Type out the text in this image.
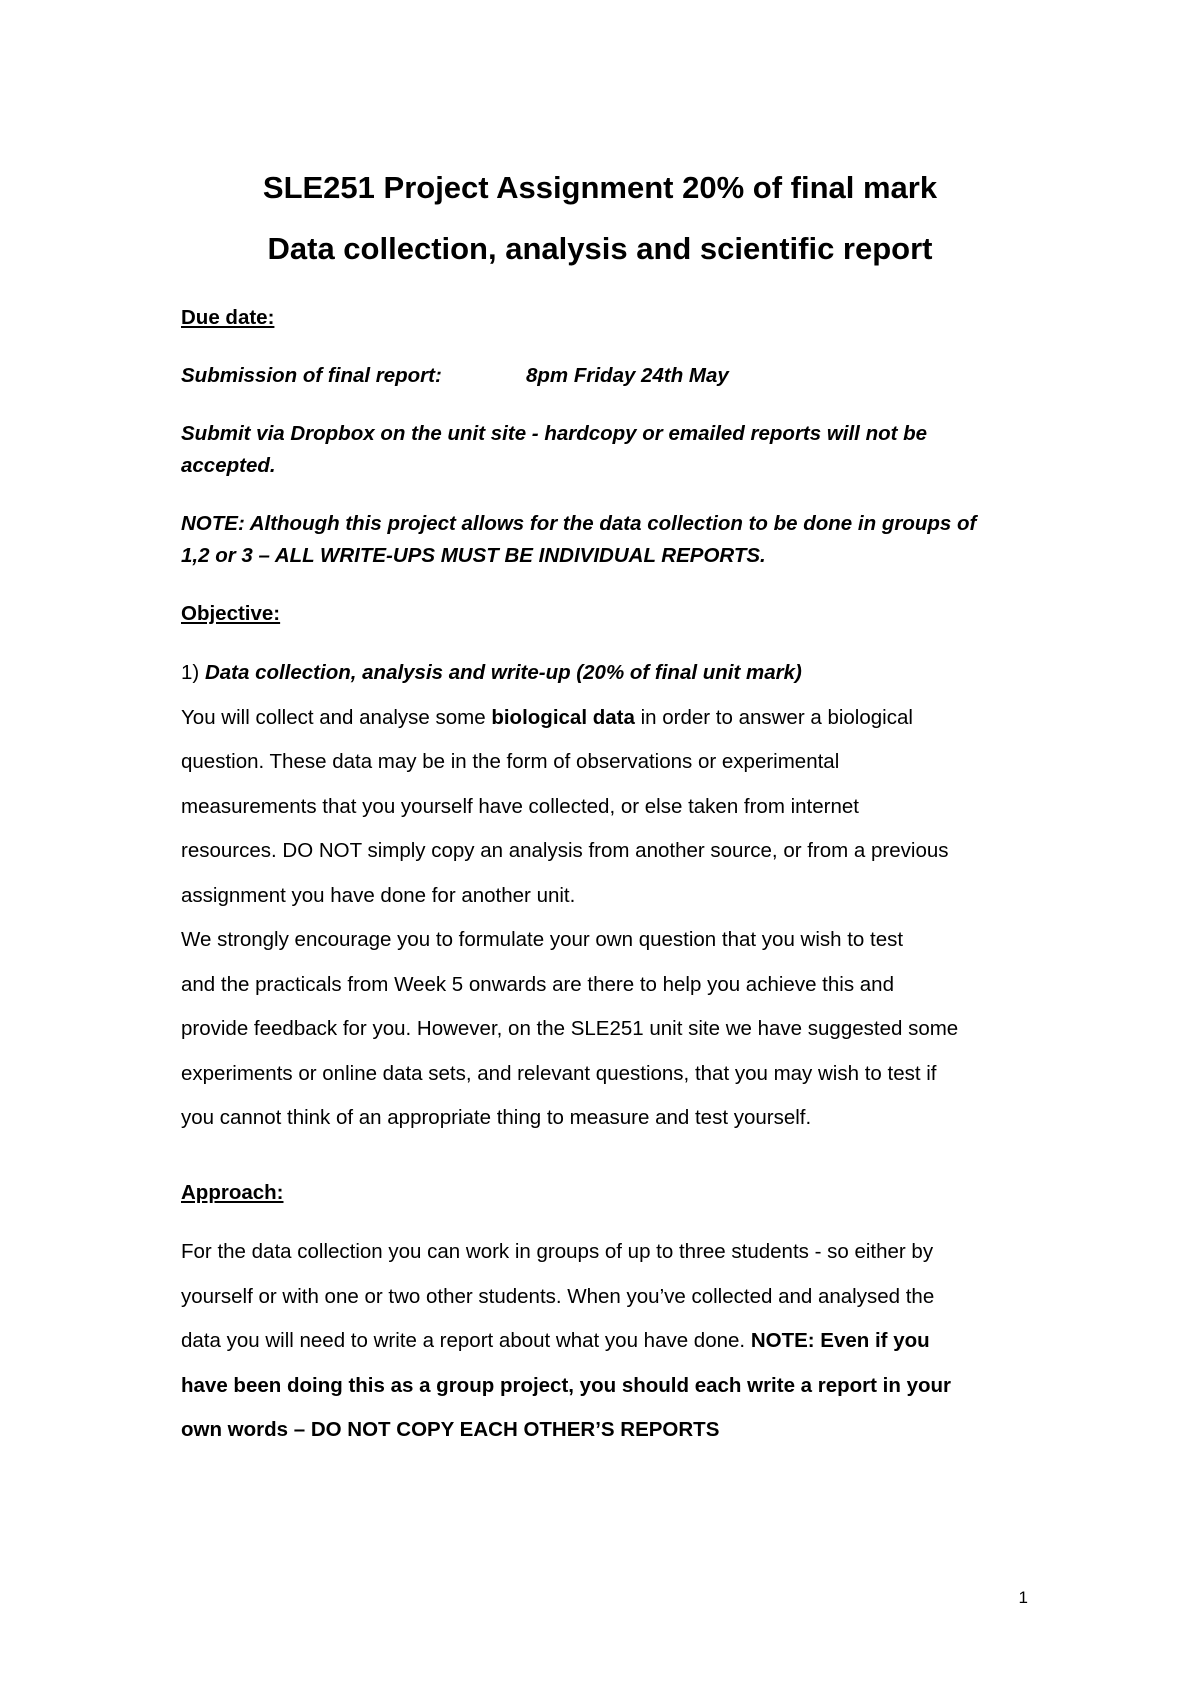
SLE251 Project Assignment 20% of final mark
Data collection, analysis and scientific report
Due date:
Submission of final report:	8pm Friday 24th May
Submit via Dropbox on the unit site - hardcopy or emailed reports will not be
accepted.
NOTE: Although this project allows for the data collection to be done in groups of
1,2 or 3 – ALL WRITE-UPS MUST BE INDIVIDUAL REPORTS.
Objective:
1) Data collection, analysis and write-up (20% of final unit mark)
You will collect and analyse some biological data in order to answer a biological
question. These data may be in the form of observations or experimental
measurements that you yourself have collected, or else taken from internet
resources. DO NOT simply copy an analysis from another source, or from a previous
assignment you have done for another unit.
We strongly encourage you to formulate your own question that you wish to test
and the practicals from Week 5 onwards are there to help you achieve this and
provide feedback for you. However, on the SLE251 unit site we have suggested some
experiments or online data sets, and relevant questions, that you may wish to test if
you cannot think of an appropriate thing to measure and test yourself.
Approach:
For the data collection you can work in groups of up to three students - so either by
yourself or with one or two other students. When you’ve collected and analysed the
data you will need to write a report about what you have done. NOTE: Even if you
have been doing this as a group project, you should each write a report in your
own words – DO NOT COPY EACH OTHER’S REPORTS
1
